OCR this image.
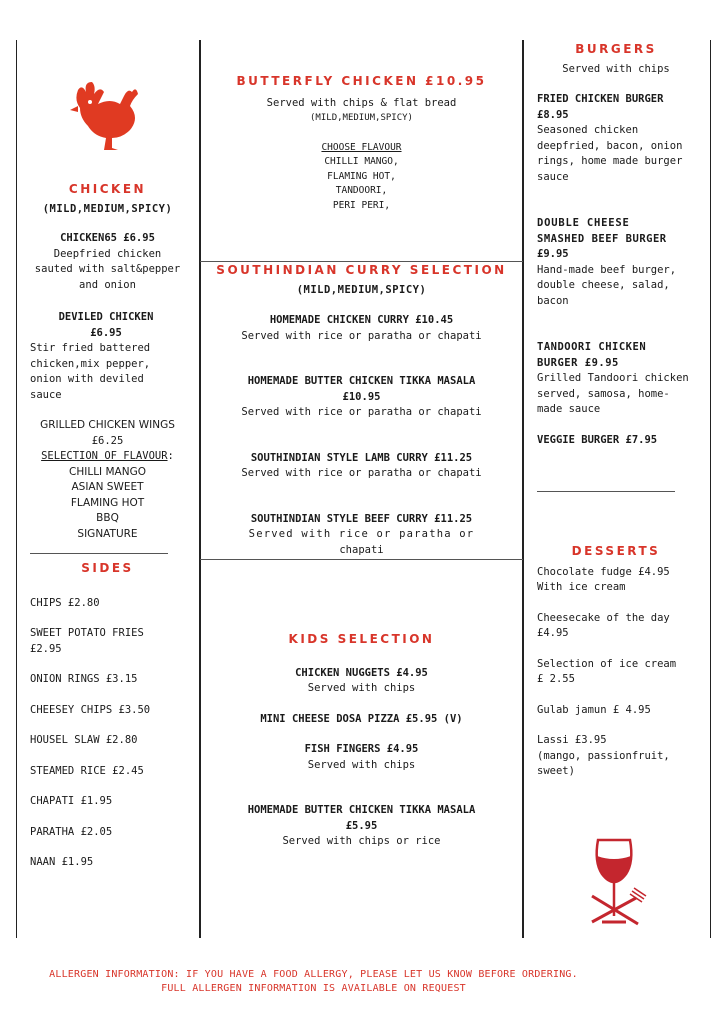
CHICKEN
(MILD,MEDIUM,SPICY)
CHICKEN65 £6.95
Deepfried chicken
sauted with salt&pepper
and onion
DEVILED CHICKEN
£6.95
Stir fried battered
chicken,mix pepper,
onion with deviled
sauce
GRILLED CHICKEN WINGS
£6.25
SELECTION OF FLAVOUR:
CHILLI MANGO
ASIAN SWEET
FLAMING HOT
BBQ
SIGNATURE
SIDES
CHIPS £2.80
SWEET POTATO FRIES
£2.95
ONION RINGS £3.15
CHEESEY CHIPS £3.50
HOUSEL SLAW £2.80
STEAMED RICE £2.45
CHAPATI £1.95
PARATHA £2.05
NAAN £1.95
BUTTERFLY CHICKEN £10.95
Served with chips & flat bread
(MILD,MEDIUM,SPICY)
CHOOSE FLAVOUR
CHILLI MANGO,
FLAMING HOT,
TANDOORI,
PERI PERI,
SOUTHINDIAN CURRY SELECTION
(MILD,MEDIUM,SPICY)
HOMEMADE CHICKEN CURRY £10.45
Served with rice or paratha or chapati
HOMEMADE BUTTER CHICKEN TIKKA MASALA
£10.95
Served with rice or paratha or chapati
SOUTHINDIAN STYLE LAMB CURRY £11.25
Served with rice or paratha or chapati
SOUTHINDIAN STYLE BEEF CURRY £11.25
Served with rice or paratha or
chapati
KIDS SELECTION
CHICKEN NUGGETS £4.95
Served with chips
MINI CHEESE DOSA PIZZA £5.95 (V)
FISH FINGERS £4.95
Served with chips
HOMEMADE BUTTER CHICKEN TIKKA MASALA
£5.95
Served with chips or rice
BURGERS
Served with chips
FRIED CHICKEN BURGER
£8.95
Seasoned chicken
deepfried, bacon, onion
rings, home made burger
sauce
DOUBLE CHEESE
SMASHED BEEF BURGER
£9.95
Hand-made beef burger,
double cheese, salad,
bacon
TANDOORI CHICKEN
BURGER £9.95
Grilled Tandoori chicken
served, samosa, home-
made sauce
VEGGIE BURGER £7.95
DESSERTS
Chocolate fudge £4.95
With ice cream
Cheesecake of the day
£4.95
Selection of ice cream
£ 2.55
Gulab jamun £ 4.95
Lassi £3.95
(mango, passionfruit,
sweet)
ALLERGEN INFORMATION: IF YOU HAVE A FOOD ALLERGY, PLEASE LET US KNOW BEFORE ORDERING.
FULL ALLERGEN INFORMATION IS AVAILABLE ON REQUEST
